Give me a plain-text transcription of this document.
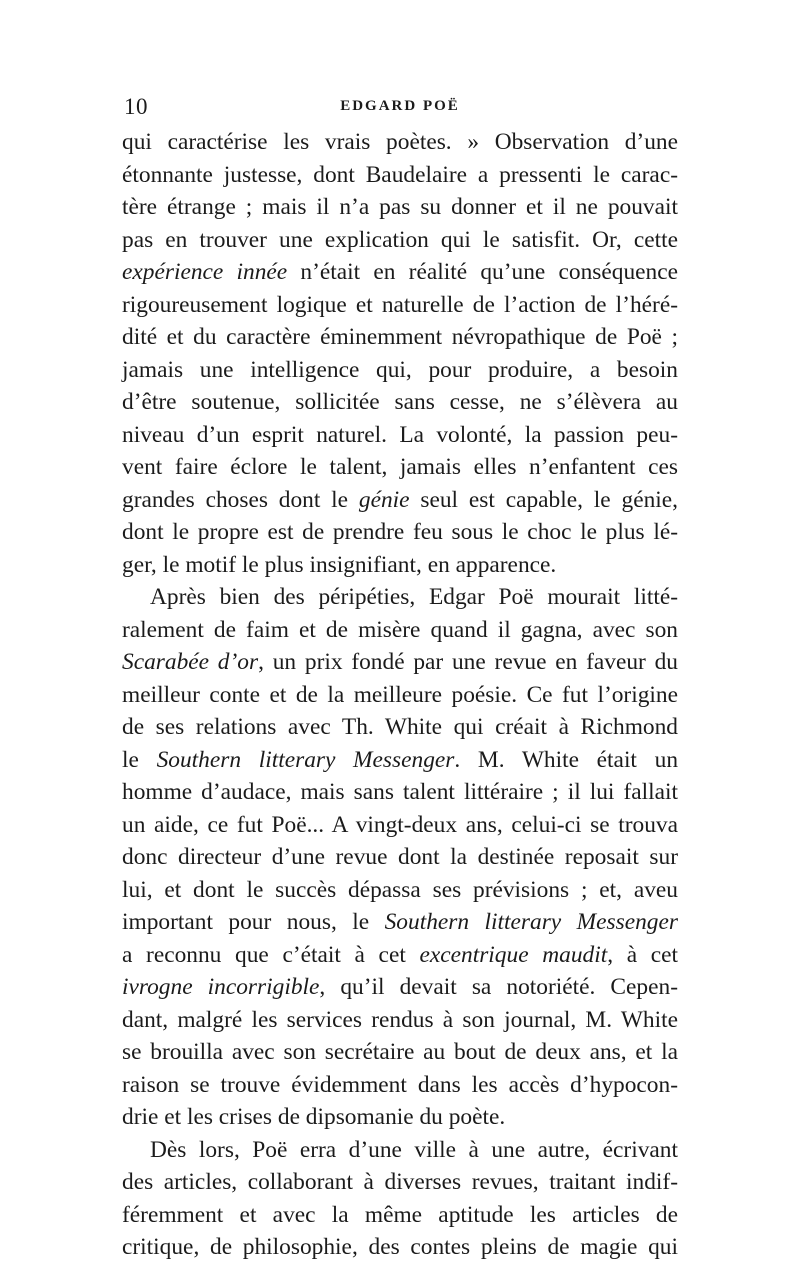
10	EDGARD POË
qui caractérise les vrais poètes. » Observation d’une
étonnante justesse, dont Baudelaire a pressenti le carac-
tère étrange ; mais il n’a pas su donner et il ne pouvait
pas en trouver une explication qui le satisfit. Or, cette
expérience innée n’était en réalité qu’une conséquence
rigoureusement logique et naturelle de l’action de l’héré-
dité et du caractère éminemment névropathique de Poë ;
jamais une intelligence qui, pour produire, a besoin
d’être soutenue, sollicitée sans cesse, ne s’élèvera au
niveau d’un esprit naturel. La volonté, la passion peu-
vent faire éclore le talent, jamais elles n’enfantent ces
grandes choses dont le génie seul est capable, le génie,
dont le propre est de prendre feu sous le choc le plus lé-
ger, le motif le plus insignifiant, en apparence.
Après bien des péripéties, Edgar Poë mourait litté-
ralement de faim et de misère quand il gagna, avec son
Scarabée d’or, un prix fondé par une revue en faveur du
meilleur conte et de la meilleure poésie. Ce fut l’origine
de ses relations avec Th. White qui créait à Richmond
le Southern litterary Messenger. M. White était un
homme d’audace, mais sans talent littéraire ; il lui fallait
un aide, ce fut Poë... A vingt-deux ans, celui-ci se trouva
donc directeur d’une revue dont la destinée reposait sur
lui, et dont le succès dépassa ses prévisions ; et, aveu
important pour nous, le Southern litterary Messenger
a reconnu que c’était à cet excentrique maudit, à cet
ivrogne incorrigible, qu’il devait sa notoriété. Cepen-
dant, malgré les services rendus à son journal, M. White
se brouilla avec son secrétaire au bout de deux ans, et la
raison se trouve évidemment dans les accès d’hypocon-
drie et les crises de dipsomanie du poète.
Dès lors, Poë erra d’une ville à une autre, écrivant
des articles, collaborant à diverses revues, traitant indif-
féremment et avec la même aptitude les articles de
critique, de philosophie, des contes pleins de magie qui
